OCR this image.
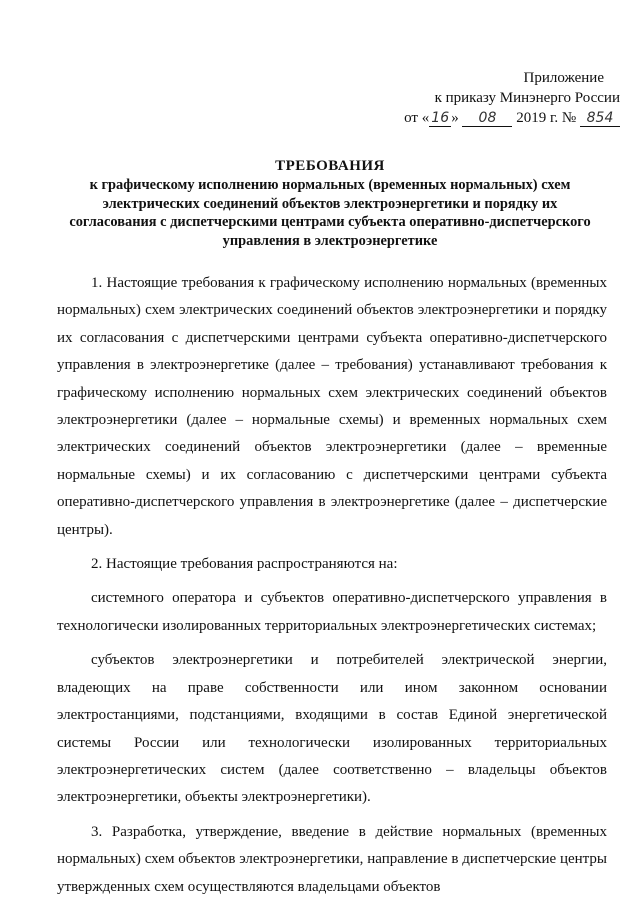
Приложение
к приказу Минэнерго России
от « 16 » 08 2019 г. № 854
ТРЕБОВАНИЯ
к графическому исполнению нормальных (временных нормальных) схем
электрических соединений объектов электроэнергетики и порядку их
согласования с диспетчерскими центрами субъекта оперативно-диспетчерского
управления в электроэнергетике

1. Настоящие требования к графическому исполнению нормальных (временных нормальных) схем электрических соединений объектов электроэнергетики и порядку их согласования с диспетчерскими центрами субъекта оперативно-диспетчерского управления в электроэнергетике (далее – требования) устанавливают требования к графическому исполнению нормальных схем электрических соединений объектов электроэнергетики (далее – нормальные схемы) и временных нормальных схем электрических соединений объектов электроэнергетики (далее – временные нормальные схемы) и их согласованию с диспетчерскими центрами субъекта оперативно-диспетчерского управления в электроэнергетике (далее – диспетчерские центры).

2. Настоящие требования распространяются на:

системного оператора и субъектов оперативно-диспетчерского управления в технологически изолированных территориальных электроэнергетических системах;

субъектов электроэнергетики и потребителей электрической энергии, владеющих на праве собственности или ином законном основании электростанциями, подстанциями, входящими в состав Единой энергетической системы России или технологически изолированных территориальных электроэнергетических систем (далее соответственно – владельцы объектов электроэнергетики, объекты электроэнергетики).

3. Разработка, утверждение, введение в действие нормальных (временных нормальных) схем объектов электроэнергетики, направление в диспетчерские центры утвержденных схем осуществляются владельцами объектов
